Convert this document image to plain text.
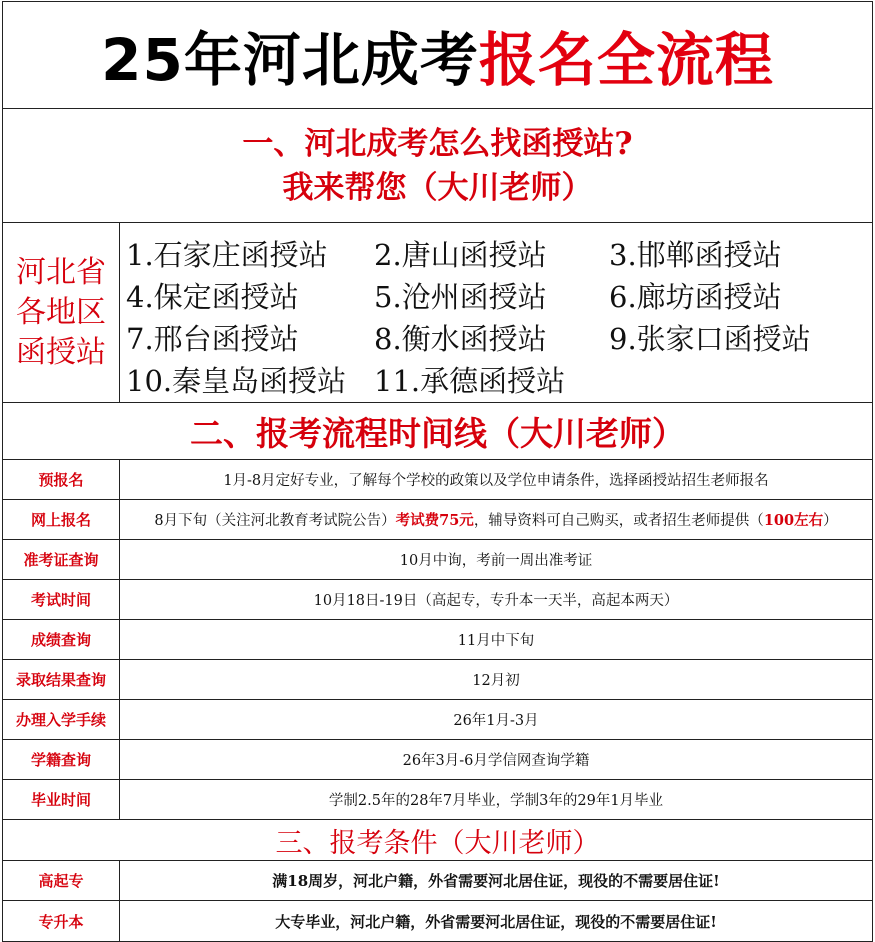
25年河北成考 报名全流程
一、河北成考怎么找函授站?
我来帮您（大川老师）
河北省
各地区
函授站
1.石家庄函授站 2.唐山函授站 3.邯郸函授站
4.保定函授站	5.沧州函授站 6.廊坊函授站
7.邢台函授站	8.衡水函授站 9.张家口函授站
10.秦皇岛函授站 11.承德函授站
二、报考流程时间线（大川老师）
预报名	1月-8月定好专业，了解每个学校的政策以及学位申请条件，选择函授站招生老师报名
网上报名	8月下旬（关注河北教育考试院公告） 考试费75元 ，辅导资料可自己购买，或者招生老师提供（ 100左右 ）
准考证查询	10月中询，考前一周出准考证
考试时间	10月18日-19日（高起专，专升本一天半，高起本两天）
成绩查询	11月中下旬
录取结果查询	12月初
办理入学手续	26年1月-3月
学籍查询	26年3月-6月学信网查询学籍
毕业时间	学制2.5年的28年7月毕业，学制3年的29年1月毕业
三、报考条件（大川老师）
高起专	满18周岁，河北户籍，外省需要河北居住证，现役的不需要居住证!
专升本	大专毕业，河北户籍，外省需要河北居住证，现役的不需要居住证!
